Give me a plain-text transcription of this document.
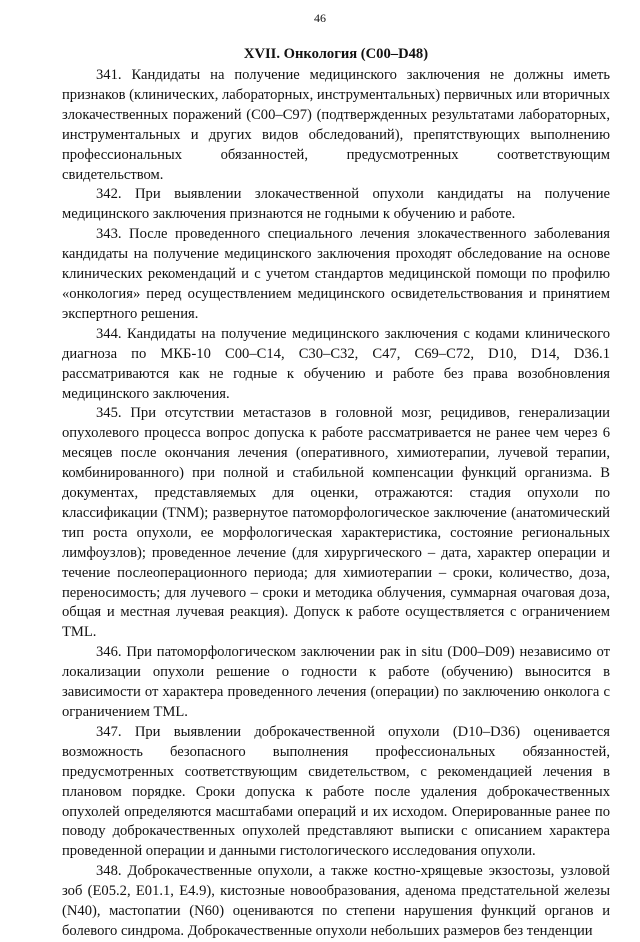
46
XVII. Онкология (С00–D48)

341. Кандидаты на получение медицинского заключения не должны иметь признаков (клинических, лабораторных, инструментальных) первичных или вторичных злокачественных поражений (С00–С97) (подтвержденных результатами лабораторных, инструментальных и других видов обследований), препятствующих выполнению профессиональных обязанностей, предусмотренных соответствующим свидетельством.

342. При выявлении злокачественной опухоли кандидаты на получение медицинского заключения признаются не годными к обучению и работе.

343. После проведенного специального лечения злокачественного заболевания кандидаты на получение медицинского заключения проходят обследование на основе клинических рекомендаций и с учетом стандартов медицинской помощи по профилю «онкология» перед осуществлением медицинского освидетельствования и принятием экспертного решения.

344. Кандидаты на получение медицинского заключения с кодами клинического диагноза по МКБ-10 С00–С14, С30–С32, С47, С69–С72, D10, D14, D36.1 рассматриваются как не годные к обучению и работе без права возобновления медицинского заключения.

345. При отсутствии метастазов в головной мозг, рецидивов, генерализации опухолевого процесса вопрос допуска к работе рассматривается не ранее чем через 6 месяцев после окончания лечения (оперативного, химиотерапии, лучевой терапии, комбинированного) при полной и стабильной компенсации функций организма. В документах, представляемых для оценки, отражаются: стадия опухоли по классификации (TNM); развернутое патоморфологическое заключение (анатомический тип роста опухоли, ее морфологическая характеристика, состояние региональных лимфоузлов); проведенное лечение (для хирургического – дата, характер операции и течение послеоперационного периода; для химиотерапии – сроки, количество, доза, переносимость; для лучевого – сроки и методика облучения, суммарная очаговая доза, общая и местная лучевая реакция). Допуск к работе осуществляется с ограничением TML.

346. При патоморфологическом заключении рак in situ (D00–D09) независимо от локализации опухоли решение о годности к работе (обучению) выносится в зависимости от характера проведенного лечения (операции) по заключению онколога с ограничением TML.

347. При выявлении доброкачественной опухоли (D10–D36) оценивается возможность безопасного выполнения профессиональных обязанностей, предусмотренных соответствующим свидетельством, с рекомендацией лечения в плановом порядке. Сроки допуска к работе после удаления доброкачественных опухолей определяются масштабами операций и их исходом. Оперированные ранее по поводу доброкачественных опухолей представляют выписки с описанием характера проведенной операции и данными гистологического исследования опухоли.

348. Доброкачественные опухоли, а также костно-хрящевые экзостозы, узловой зоб (Е05.2, Е01.1, Е4.9), кистозные новообразования, аденома предстательной железы (N40), мастопатии (N60) оцениваются по степени нарушения функций органов и болевого синдрома. Доброкачественные опухоли небольших размеров без тенденции
